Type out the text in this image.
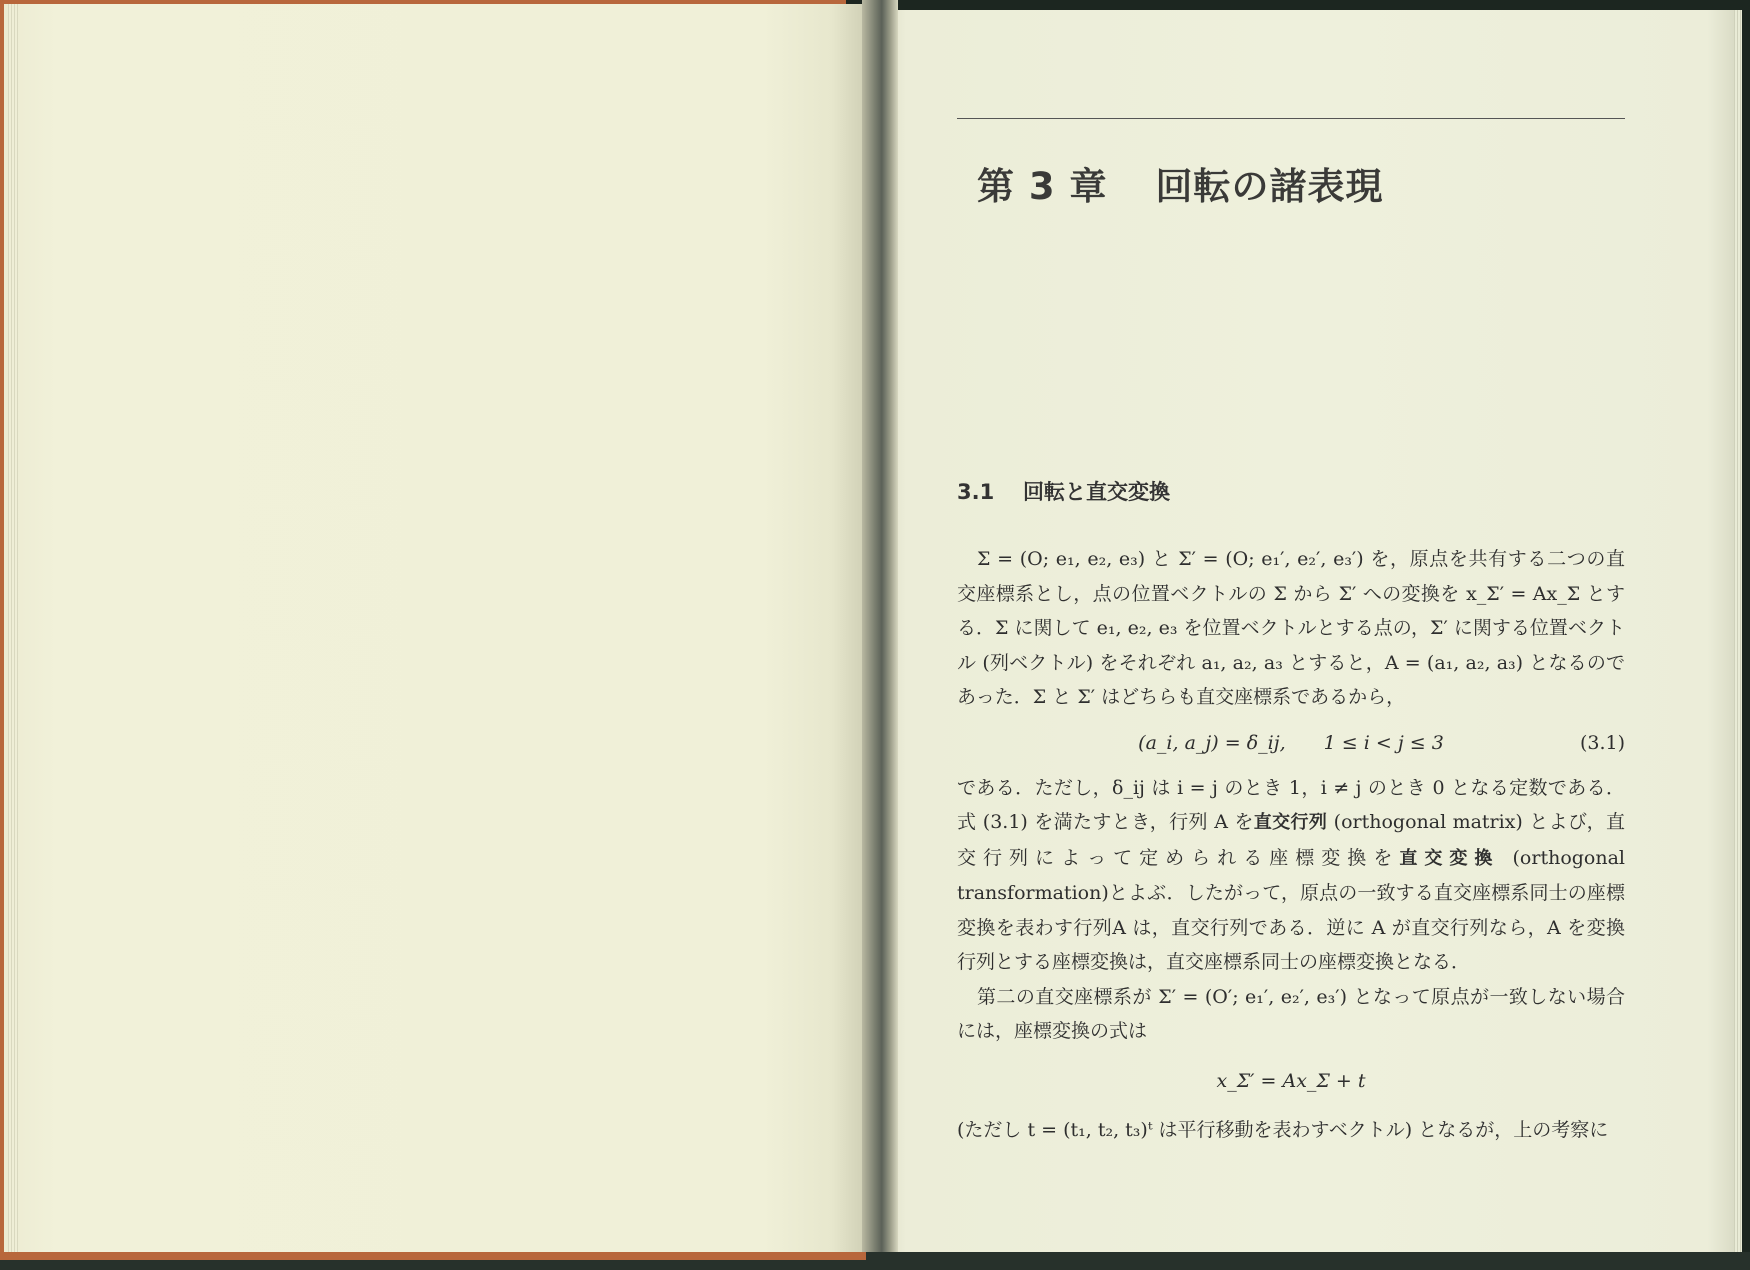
第 3 章 回転の諸表現
3.1 回転と直交変換

Σ = (O; e₁, e₂, e₃) と Σ′ = (O; e₁′, e₂′, e₃′) を，原点を共有する二つの直交座標系とし，点の位置ベクトルの Σ から Σ′ への変換を x_Σ′ = Ax_Σ とする．Σ に関して e₁, e₂, e₃ を位置ベクトルとする点の，Σ′ に関する位置ベクトル (列ベクトル) をそれぞれ a₁, a₂, a₃ とすると，A = (a₁, a₂, a₃) となるのであった．Σ と Σ′ はどちらも直交座標系であるから，

(a_i, a_j) = δ_ij,   1 ≤ i < j ≤ 3	(3.1)

である．ただし，δ_ij は i = j のとき 1，i ≠ j のとき 0 となる定数である．式 (3.1) を満たすとき，行列 A を直交行列 (orthogonal matrix) とよび，直交行列によって定められる座標変換を直交変換 (orthogonal transformation)とよぶ．したがって，原点の一致する直交座標系同士の座標変換を表わす行列A は，直交行列である．逆に A が直交行列なら，A を変換行列とする座標変換は，直交座標系同士の座標変換となる．

第二の直交座標系が Σ′ = (O′; e₁′, e₂′, e₃′) となって原点が一致しない場合には，座標変換の式は

x_Σ′ = Ax_Σ + t

(ただし t = (t₁, t₂, t₃)ᵗ は平行移動を表わすベクトル) となるが，上の考察に
